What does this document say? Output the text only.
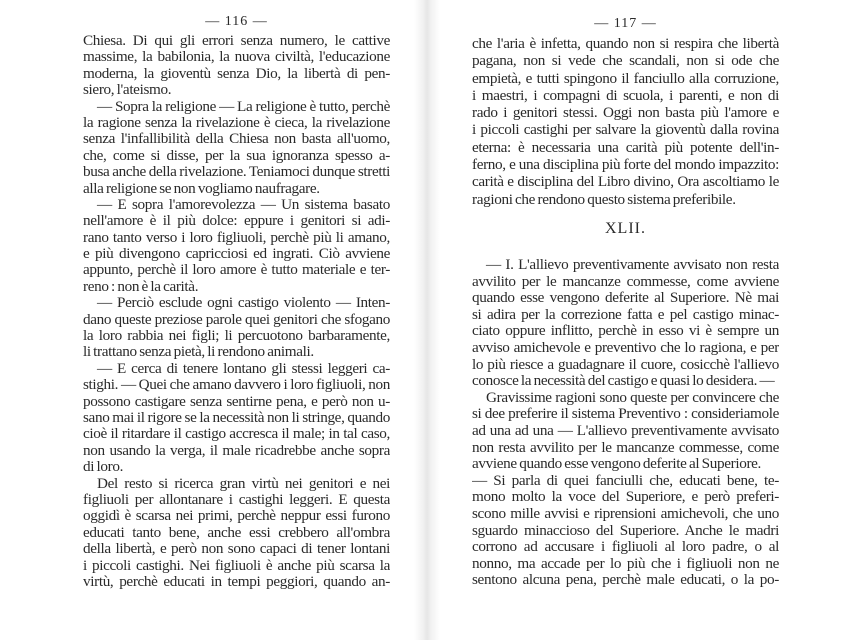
— 116 —
Chiesa. Di qui gli errori senza numero, le cattive
massime, la babilonia, la nuova civiltà, l'educazione
moderna, la gioventù senza Dio, la libertà di pen-
siero, l'ateismo.
— Sopra la religione — La religione è tutto, perchè
la ragione senza la rivelazione è cieca, la rivelazione
senza l'infallibilità della Chiesa non basta all'uomo,
che, come si disse, per la sua ignoranza spesso a-
busa anche della rivelazione. Teniamoci dunque stretti
alla religione se non vogliamo naufragare.
— E sopra l'amorevolezza — Un sistema basato
nell'amore è il più dolce: eppure i genitori si adi-
rano tanto verso i loro figliuoli, perchè più li amano,
e più divengono capricciosi ed ingrati. Ciò avviene
appunto, perchè il loro amore è tutto materiale e ter-
reno : non è la carità.
— Perciò esclude ogni castigo violento — Inten-
dano queste preziose parole quei genitori che sfogano
la loro rabbia nei figli; li percuotono barbaramente,
li trattano senza pietà, li rendono animali.
— E cerca di tenere lontano gli stessi leggeri ca-
stighi. — Quei che amano davvero i loro figliuoli, non
possono castigare senza sentirne pena, e però non u-
sano mai il rigore se la necessità non li stringe, quando
cioè il ritardare il castigo accresca il male; in tal caso,
non usando la verga, il male ricadrebbe anche sopra
di loro.
Del resto si ricerca gran virtù nei genitori e nei
figliuoli per allontanare i castighi leggeri. E questa
oggidì è scarsa nei primi, perchè neppur essi furono
educati tanto bene, anche essi crebbero all'ombra
della libertà, e però non sono capaci di tener lontani
i piccoli castighi. Nei figliuoli è anche più scarsa la
virtù, perchè educati in tempi peggiori, quando an-
— 117 —
che l'aria è infetta, quando non si respira che libertà
pagana, non si vede che scandali, non si ode che
empietà, e tutti spingono il fanciullo alla corruzione,
i maestri, i compagni di scuola, i parenti, e non di
rado i genitori stessi. Oggi non basta più l'amore e
i piccoli castighi per salvare la gioventù dalla rovina
eterna: è necessaria una carità più potente dell'in-
ferno, e una disciplina più forte del mondo impazzito:
carità e disciplina del Libro divino, Ora ascoltiamo le
ragioni che rendono questo sistema preferibile.
XLII.
— I. L'allievo preventivamente avvisato non resta
avvilito per le mancanze commesse, come avviene
quando esse vengono deferite al Superiore. Nè mai
si adira per la correzione fatta e pel castigo minac-
ciato oppure inflitto, perchè in esso vi è sempre un
avviso amichevole e preventivo che lo ragiona, e per
lo più riesce a guadagnare il cuore, cosicchè l'allievo
conosce la necessità del castigo e quasi lo desidera. —
Gravissime ragioni sono queste per convincere che
si dee preferire il sistema Preventivo : consideriamole
ad una ad una — L'allievo preventivamente avvisato
non resta avvilito per le mancanze commesse, come
avviene quando esse vengono deferite al Superiore.
— Si parla di quei fanciulli che, educati bene, te-
mono molto la voce del Superiore, e però preferi-
scono mille avvisi e riprensioni amichevoli, che uno
sguardo minaccioso del Superiore. Anche le madri
corrono ad accusare i figliuoli al loro padre, o al
nonno, ma accade per lo più che i figliuoli non ne
sentono alcuna pena, perchè male educati, o la po-
